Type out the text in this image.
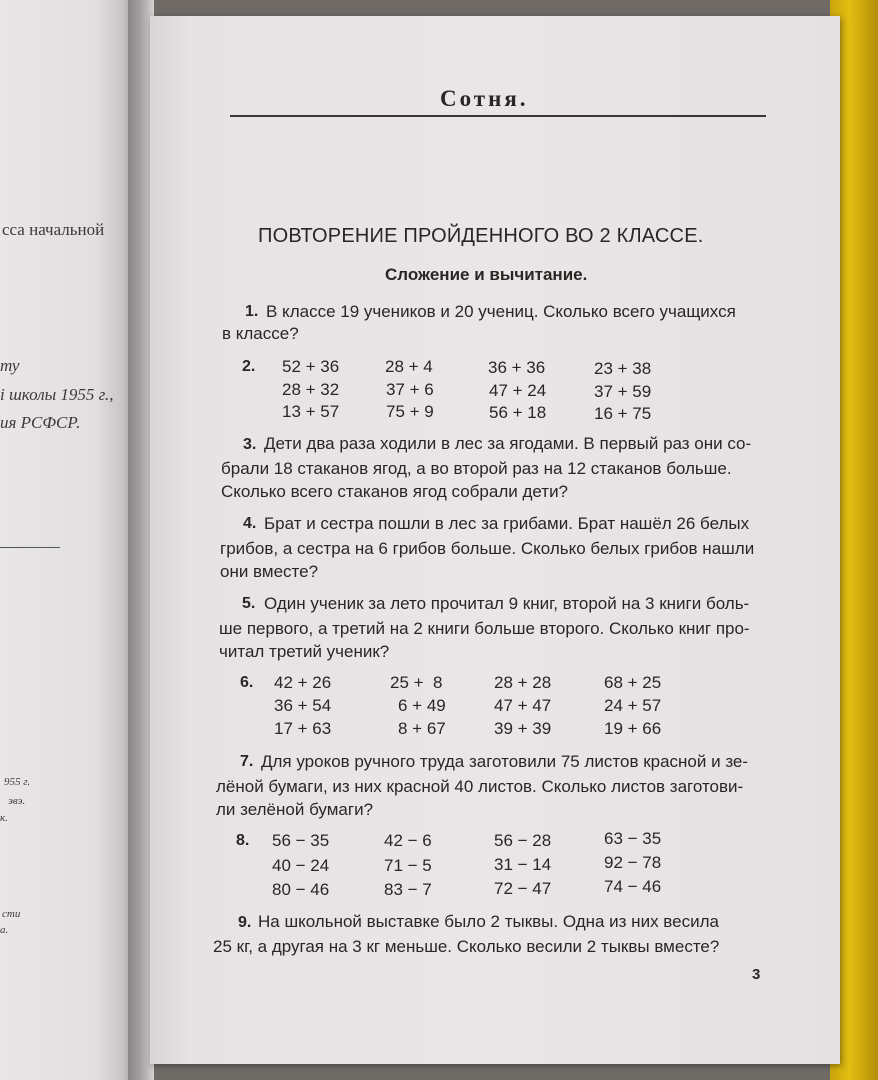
сса начальной
ту
і школы 1955 г.,
ия РСФСР.
955 г.
эвэ.
к.
сти
а.
Сотня.
ПОВТОРЕНИЕ ПРОЙДЕННОГО ВО 2 КЛАССЕ.
Сложение и вычитание.
1. В классе 19 учеников и 20 учениц. Сколько всего учащихся
в классе?
2. 52 + 36	28 + 4	36 + 36	23 + 38
28 + 32	37 + 6	47 + 24	37 + 59
13 + 57	75 + 9	56 + 18	16 + 75
3. Дети два раза ходили в лес за ягодами. В первый раз они со-
брали 18 стаканов ягод, а во второй раз на 12 стаканов больше.
Сколько всего стаканов ягод собрали дети?
4. Брат и сестра пошли в лес за грибами. Брат нашёл 26 белых
грибов, а сестра на 6 грибов больше. Сколько белых грибов нашли
они вместе?
5. Один ученик за лето прочитал 9 книг, второй на 3 книги боль-
ше первого, а третий на 2 книги больше второго. Сколько книг про-
читал третий ученик?
6. 42 + 26	25 +  8	28 + 28	68 + 25
36 + 54	6 + 49	47 + 47	24 + 57
17 + 63	8 + 67	39 + 39	19 + 66
7. Для уроков ручного труда заготовили 75 листов красной и зе-
лёной бумаги, из них красной 40 листов. Сколько листов заготови-
ли зелёной бумаги?
8. 56 − 35	42 − 6	56 − 28	63 − 35
40 − 24	71 − 5	31 − 14	92 − 78
80 − 46	83 − 7	72 − 47	74 − 46
9. На школьной выставке было 2 тыквы. Одна из них весила
25 кг, а другая на 3 кг меньше. Сколько весили 2 тыквы вместе?
3
